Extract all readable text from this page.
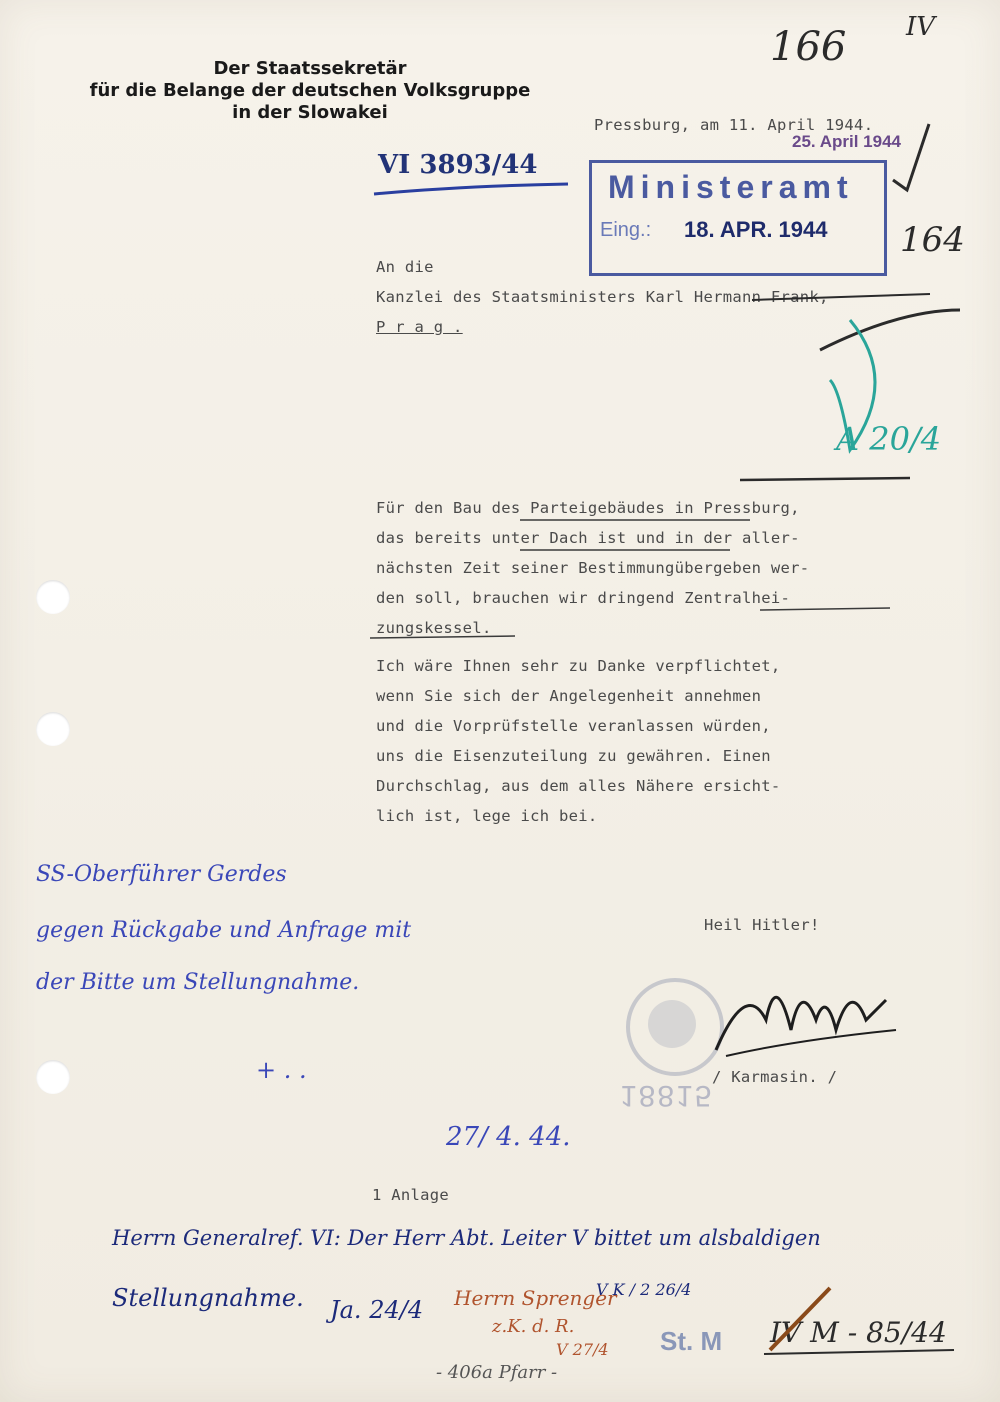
Der Staatssekretär
für die Belange der deutschen Volksgruppe
in der Slowakei
166 IV
164
VI 3893/44
Pressburg, am 11. April 1944.
25. April 1944
Ministeramt
Eing.: 18. APR. 1944
An die
Kanzlei des Staatsministers Karl Hermann Frank,
P r a g .
A 20/4
Für den Bau des Parteigebäudes in Pressburg,
das bereits unter Dach ist und in der aller-
nächsten Zeit seiner Bestimmungübergeben wer-
den soll, brauchen wir dringend Zentralhei-
zungskessel.
Ich wäre Ihnen sehr zu Danke verpflichtet,
wenn Sie sich der Angelegenheit annehmen
und die Vorprüfstelle veranlassen würden,
uns die Eisenzuteilung zu gewähren. Einen
Durchschlag, aus dem alles Nähere ersicht-
lich ist, lege ich bei.
SS-Oberführer Gerdes
gegen Rückgabe und Anfrage mit
der Bitte um Stellungnahme.
+ . .
27/ 4. 44.
Heil Hitler!
/ Karmasin. /
18815
1 Anlage
Herrn Generalref. VI: Der Herr Abt. Leiter V bittet um alsbaldigen
Stellungnahme. Ja. 24/4 Herrn Sprenger
z.K. d. R.
V K / 2 26/4
V 27/4
- 406a Pfarr -
St. M IV M - 85/44
